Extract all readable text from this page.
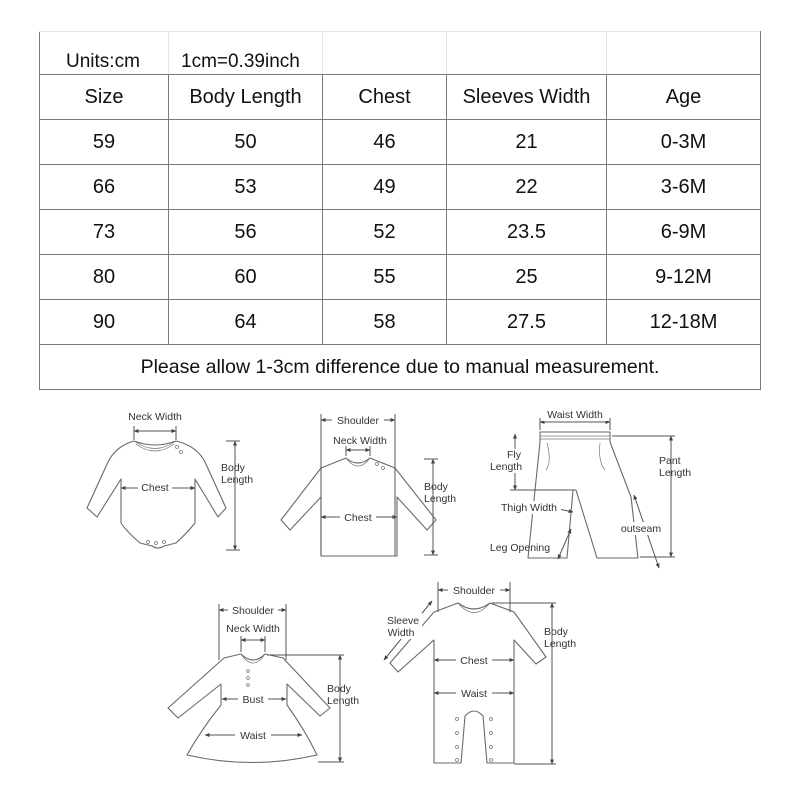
Units:cm	1cm=0.39inch			

Size	Body Length	Chest	Sleeves Width	Age
59	50	46	21	0-3M
66	53	49	22	3-6M
73	56	52	23.5	6-9M
80	60	55	25	9-12M
90	64	58	27.5	12-18M
Please allow 1-3cm difference due to manual measurement.				
Neck Width
Chest
Body
Length
Shoulder
Neck Width
Chest
Body
Length
Waist Width
Fly
Length	Pant
Length
Thigh Width
outseam
Leg Opening
Shoulder
Neck Width
Bust
Waist
Body
Length
Shoulder
Sleeve
Width
Chest
Waist
Body
Length
